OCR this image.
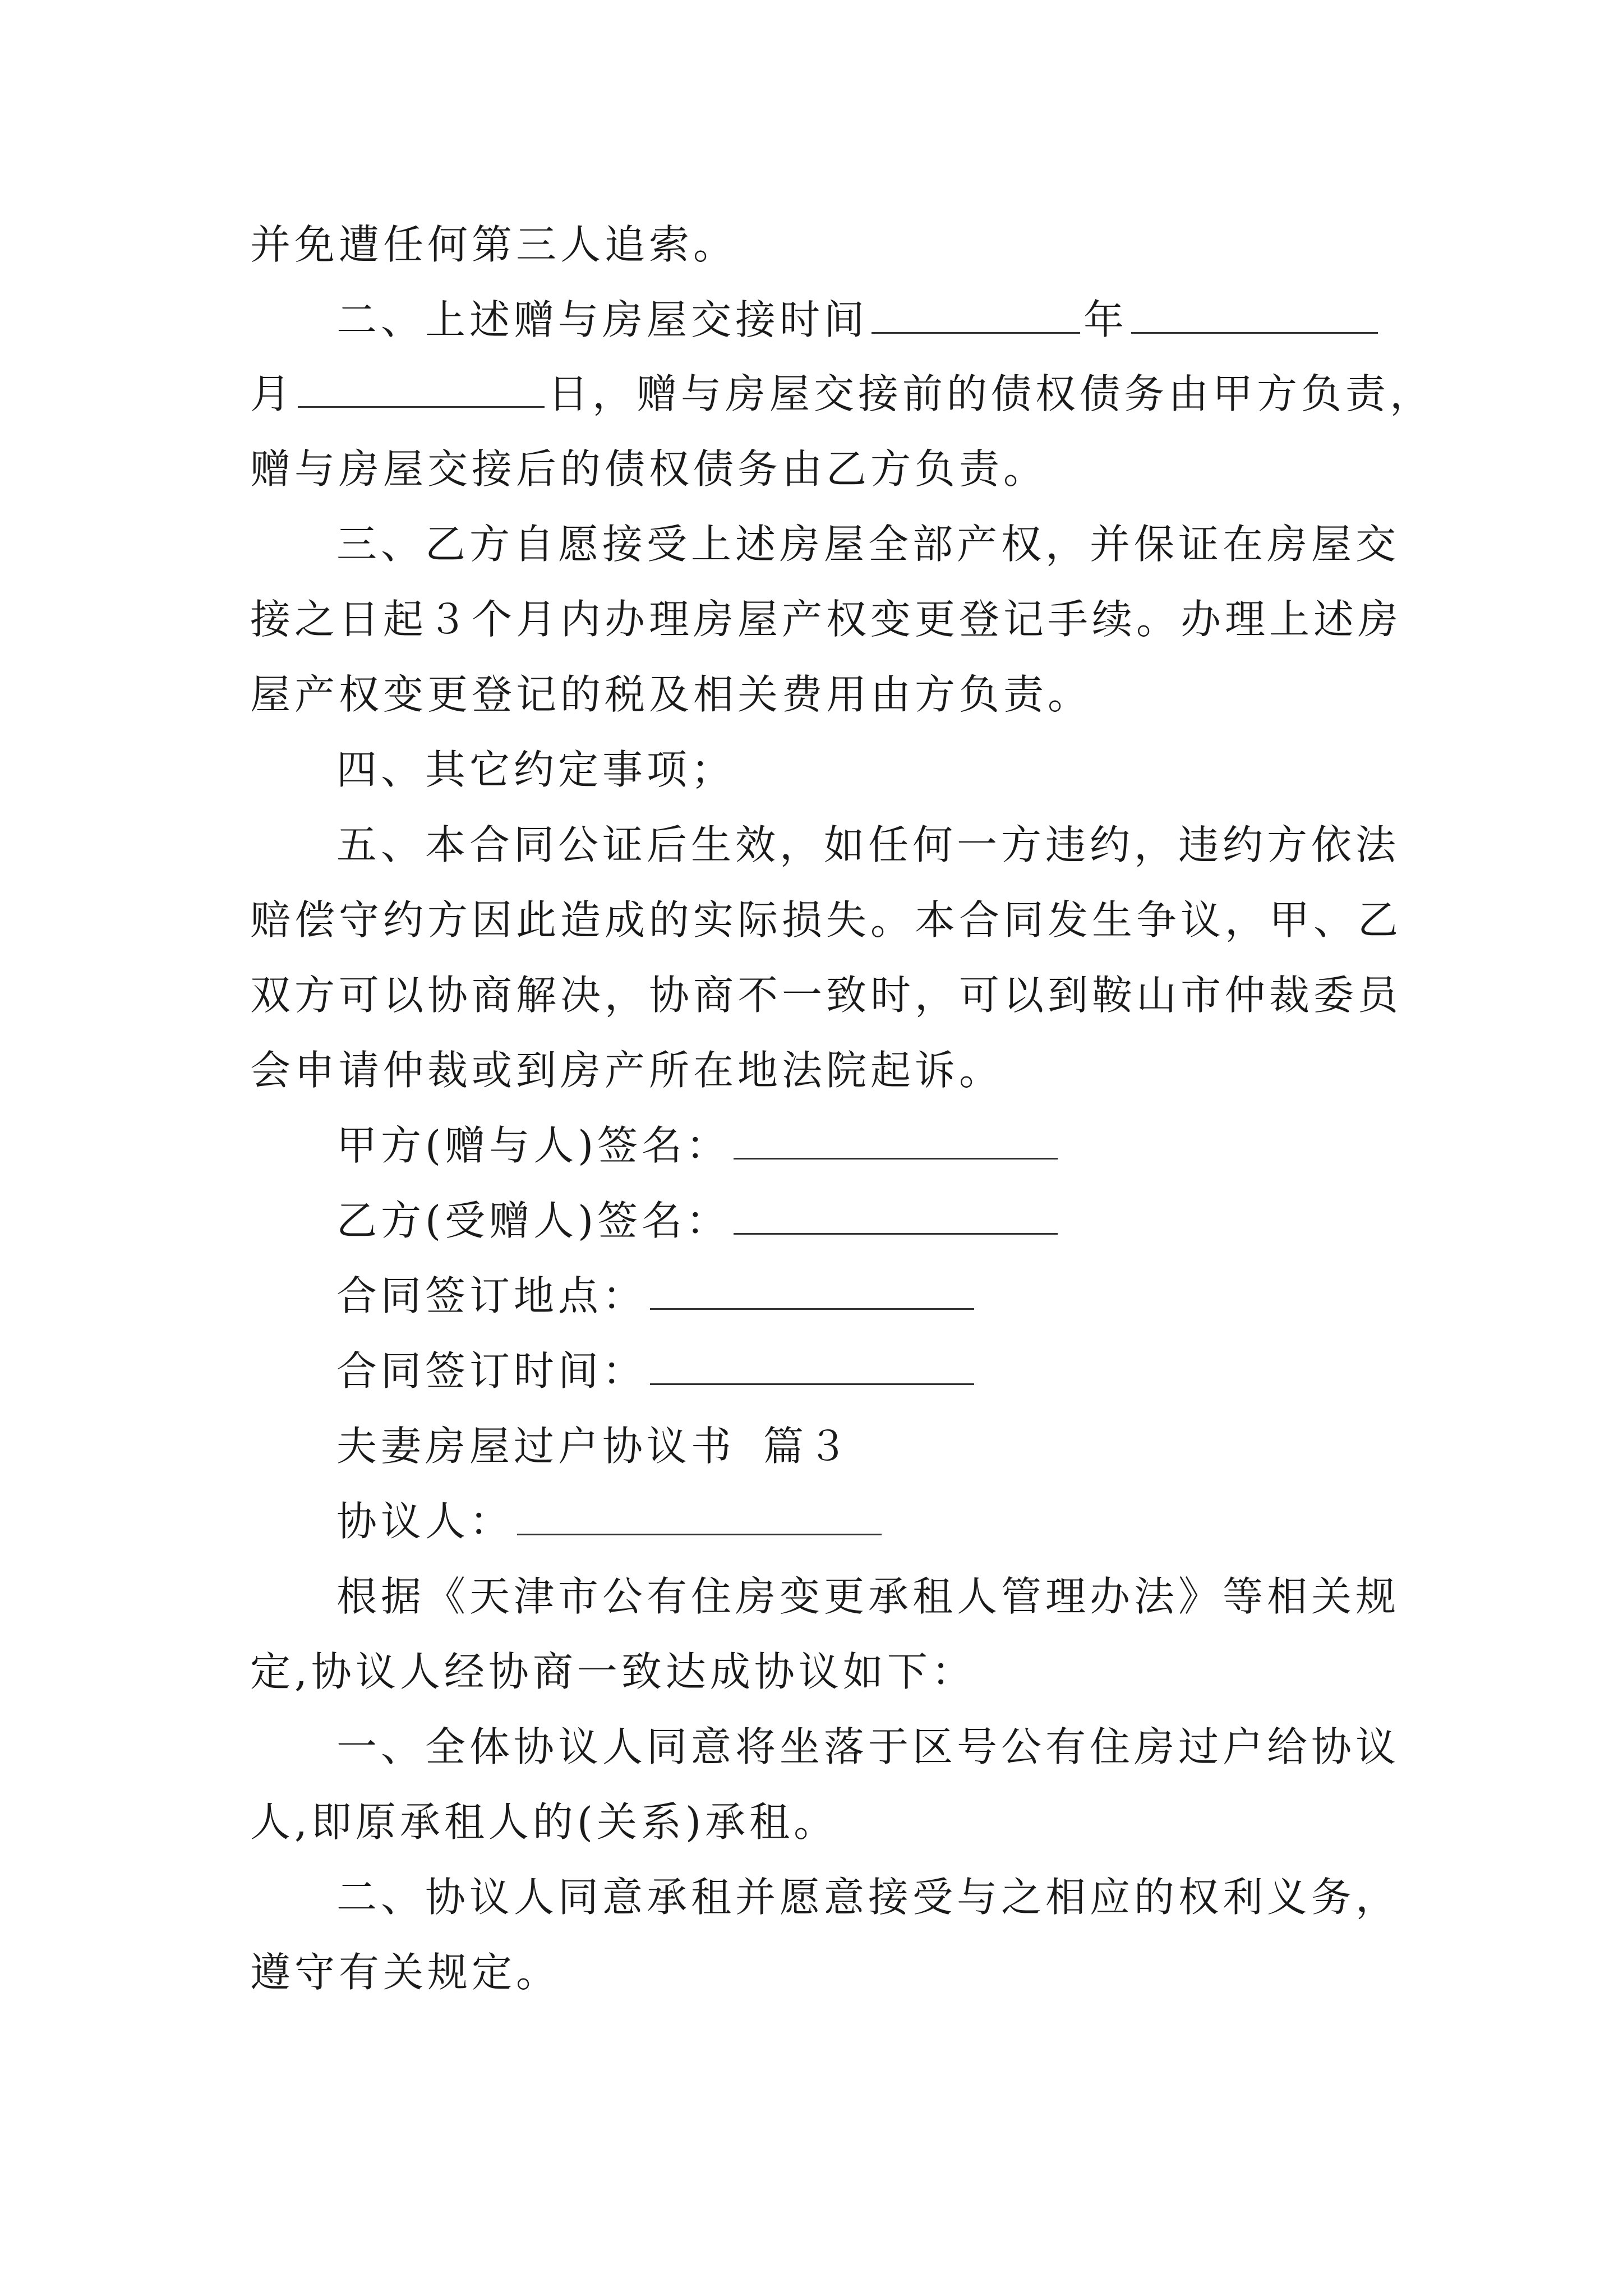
并免遭任何第三人追索。
二、上述赠与房屋交接时间	年
月	日，赠与房屋交接前的债权债务由甲方负责，
赠与房屋交接后的债权债务由乙方负责。
三、乙方自愿接受上述房屋全部产权，并保证在房屋交
接之日起３个月内办理房屋产权变更登记手续。办理上述房
屋产权变更登记的税及相关费用由方负责。
四、其它约定事项；
五、本合同公证后生效，如任何一方违约，违约方依法
赔偿守约方因此造成的实际损失。本合同发生争议，甲、乙
双方可以协商解决，协商不一致时，可以到鞍山市仲裁委员
会申请仲裁或到房产所在地法院起诉。
甲方(赠与人)签名：
乙方(受赠人)签名：
合同签订地点：
合同签订时间：
夫妻房屋过户协议书 篇３
协议人：
根据《天津市公有住房变更承租人管理办法》等相关规
定,协议人经协商一致达成协议如下：
一、全体协议人同意将坐落于区号公有住房过户给协议
人,即原承租人的(关系)承租。
二、协议人同意承租并愿意接受与之相应的权利义务，
遵守有关规定。
